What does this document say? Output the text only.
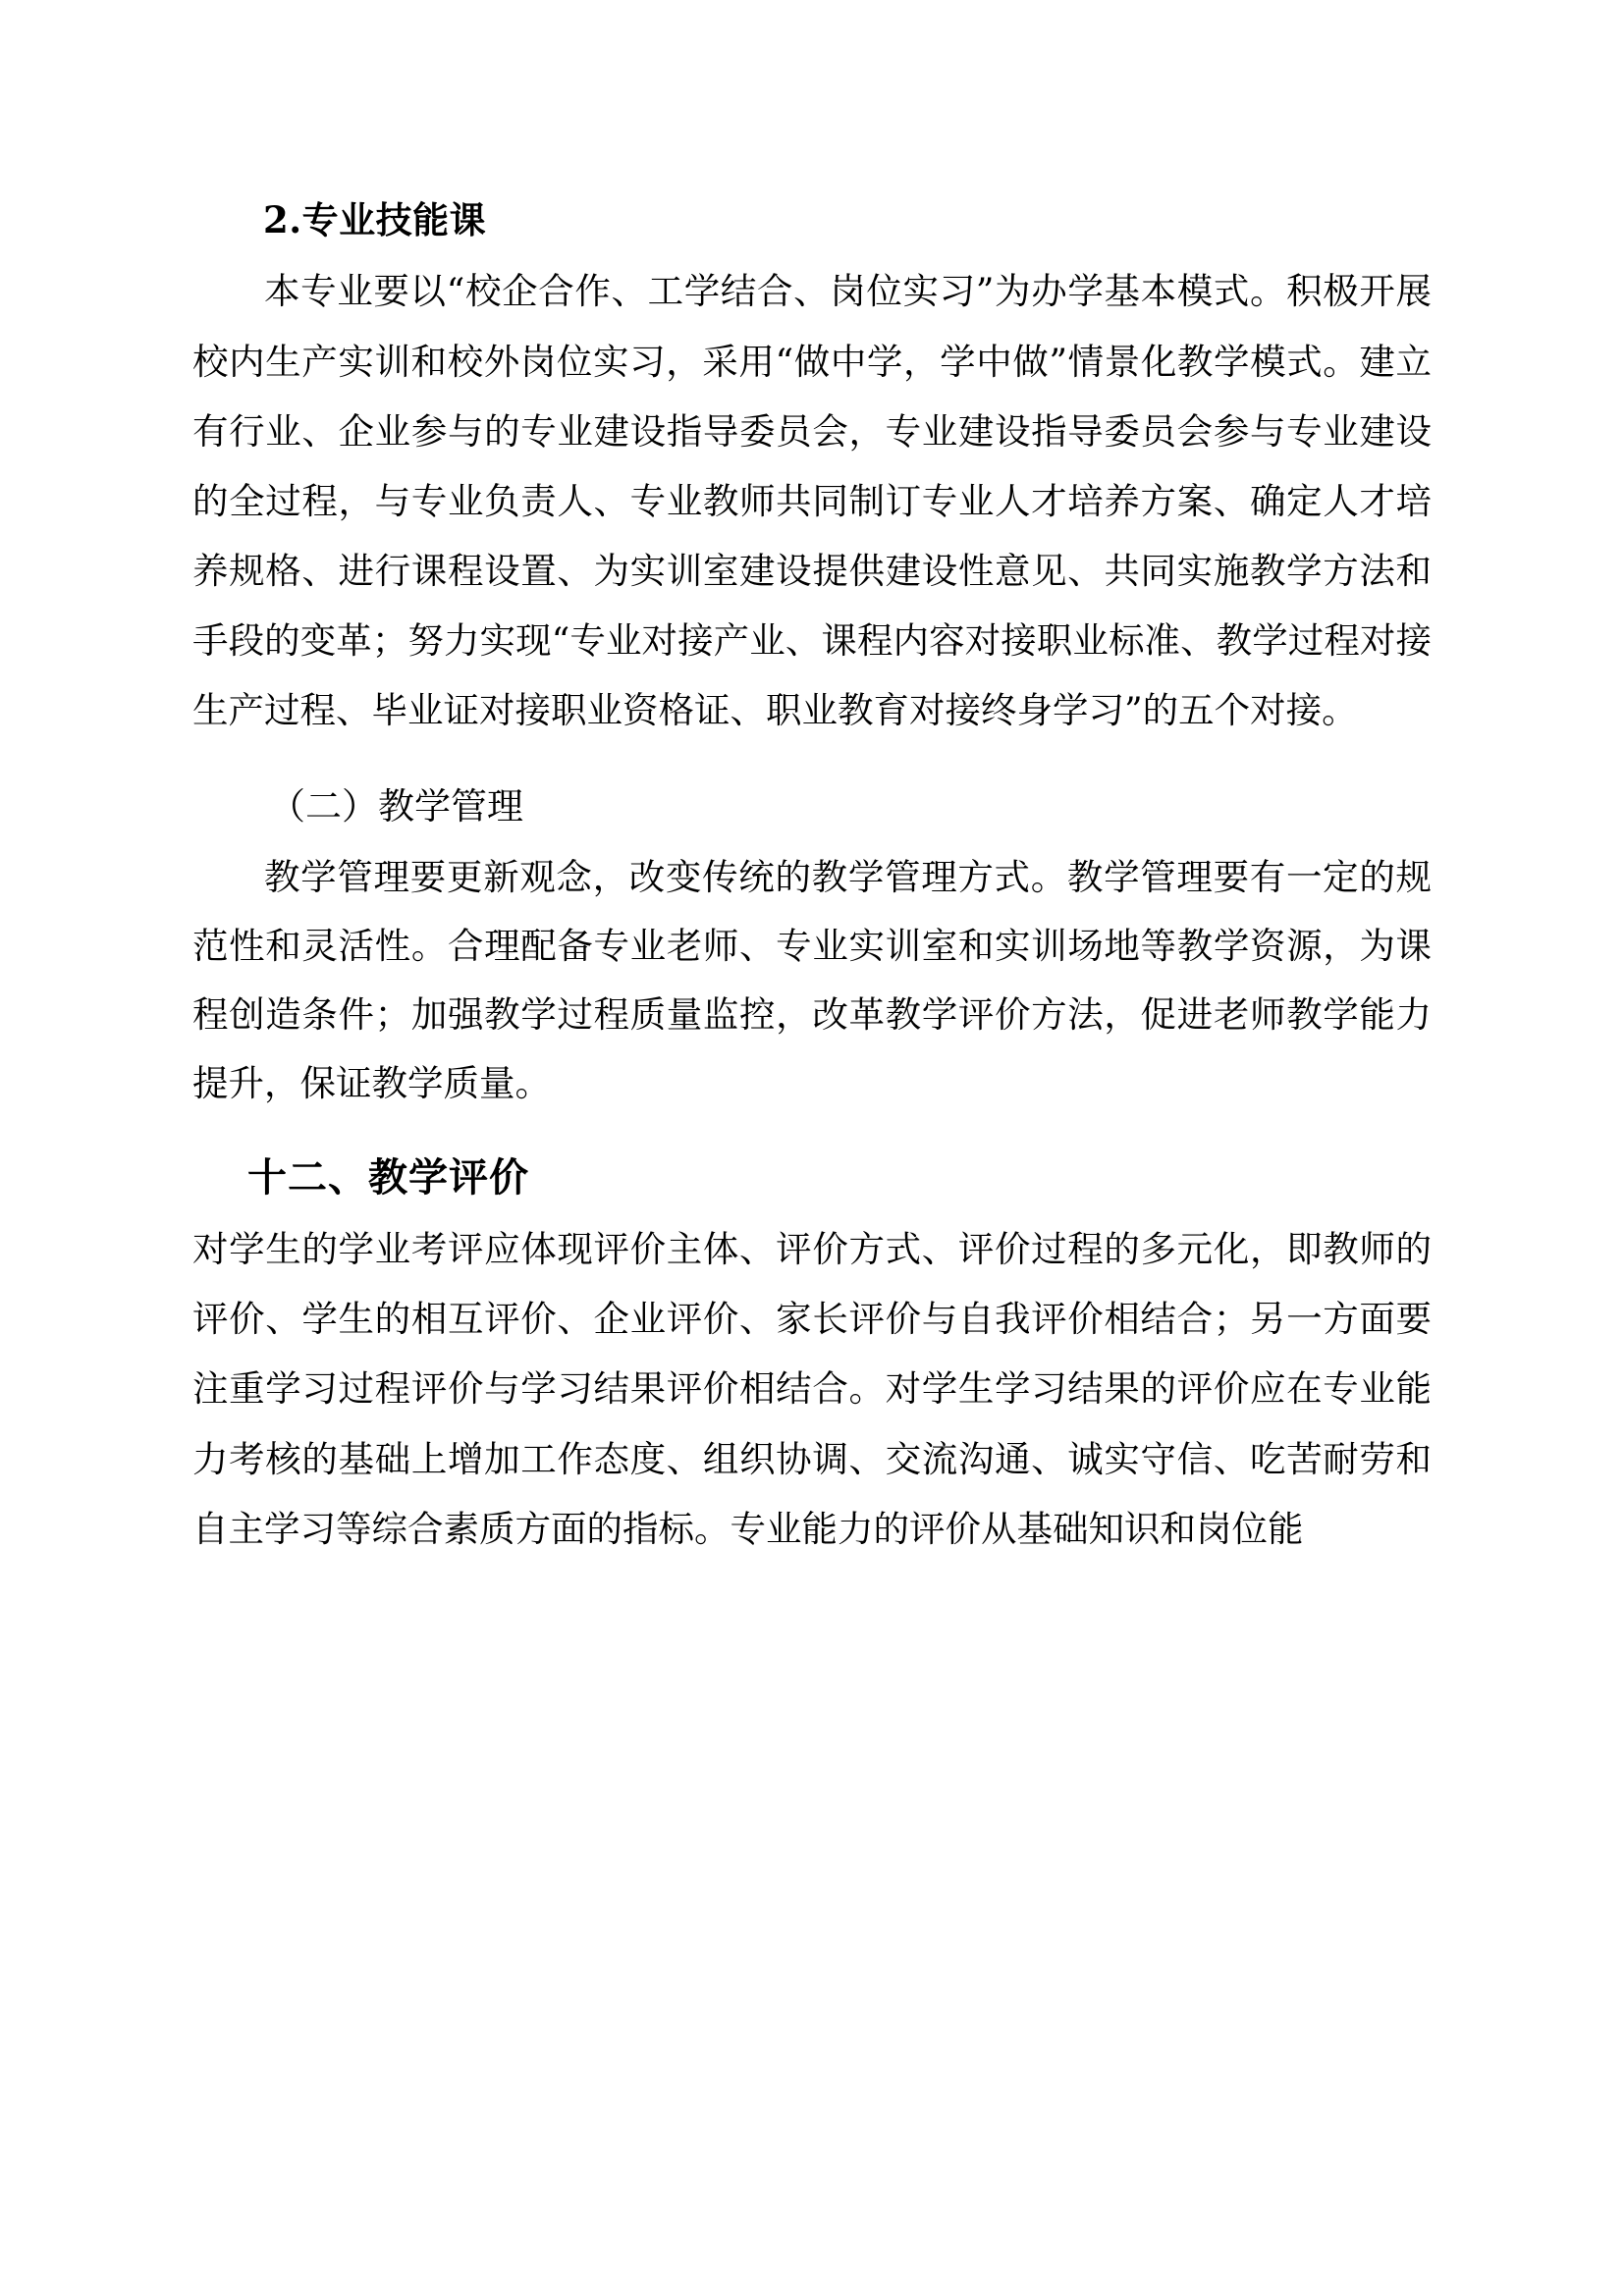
2.专业技能课

本专业要以“校企合作、工学结合、岗位实习”为办学基本模式。积极开展校内生产实训和校外岗位实习，采用“做中学，学中做”情景化教学模式。建立有行业、企业参与的专业建设指导委员会，专业建设指导委员会参与专业建设的全过程，与专业负责人、专业教师共同制订专业人才培养方案、确定人才培养规格、进行课程设置、为实训室建设提供建设性意见、共同实施教学方法和手段的变革；努力实现“专业对接产业、课程内容对接职业标准、教学过程对接生产过程、毕业证对接职业资格证、职业教育对接终身学习”的五个对接。

（二）教学管理

教学管理要更新观念，改变传统的教学管理方式。教学管理要有一定的规范性和灵活性。合理配备专业老师、专业实训室和实训场地等教学资源，为课程创造条件；加强教学过程质量监控，改革教学评价方法，促进老师教学能力提升，保证教学质量。

十二、教学评价

对学生的学业考评应体现评价主体、评价方式、评价过程的多元化，即教师的评价、学生的相互评价、企业评价、家长评价与自我评价相结合；另一方面要注重学习过程评价与学习结果评价相结合。对学生学习结果的评价应在专业能力考核的基础上增加工作态度、组织协调、交流沟通、诚实守信、吃苦耐劳和自主学习等综合素质方面的指标。专业能力的评价从基础知识和岗位能
